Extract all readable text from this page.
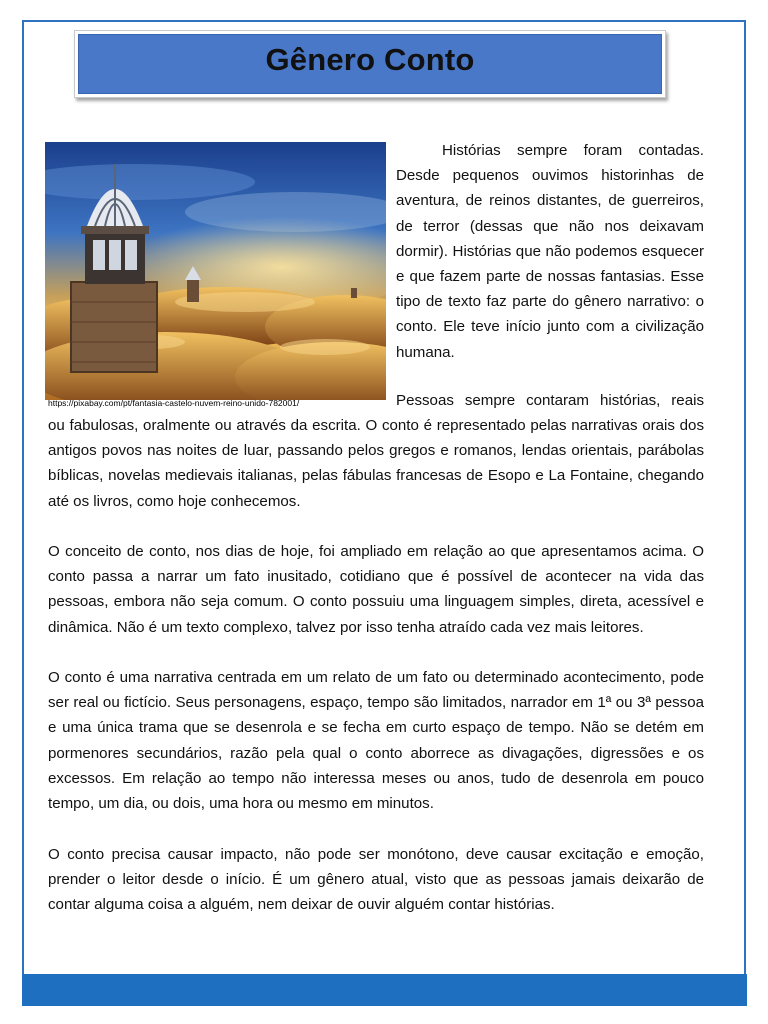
Gênero Conto
https://pixabay.com/pt/fantasia-castelo-nuvem-reino-unido-782001/

Histórias sempre foram contadas. Desde pequenos ouvimos historinhas de aventura, de reinos distantes, de guerreiros, de terror (dessas que não nos deixavam dormir). Histórias que não podemos esquecer e que fazem parte de nossas fantasias. Esse tipo de texto faz parte do gênero narrativo: o conto. Ele teve início junto com a civilização humana.

Pessoas sempre contaram histórias, reais

ou fabulosas, oralmente ou através da escrita. O conto é representado pelas narrativas orais dos antigos povos nas noites de luar, passando pelos gregos e romanos, lendas orientais, parábolas bíblicas, novelas medievais italianas, pelas fábulas francesas de Esopo e La Fontaine, chegando até os livros, como hoje conhecemos.

O conceito de conto, nos dias de hoje, foi ampliado em relação ao que apresentamos acima. O conto passa a narrar um fato inusitado, cotidiano que é possível de acontecer na vida das pessoas, embora não seja comum. O conto possuiu uma linguagem simples, direta, acessível e dinâmica. Não é um texto complexo, talvez por isso tenha atraído cada vez mais leitores.

O conto é uma narrativa centrada em um relato de um fato ou determinado acontecimento, pode ser real ou fictício. Seus personagens, espaço, tempo são limitados, narrador em 1ª ou 3ª pessoa e uma única trama que se desenrola e se fecha em curto espaço de tempo. Não se detém em pormenores secundários, razão pela qual o conto aborrece as divagações, digressões e os excessos. Em relação ao tempo não interessa meses ou anos, tudo de desenrola em pouco tempo, um dia, ou dois, uma hora ou mesmo em minutos.

O conto precisa causar impacto, não pode ser monótono, deve causar excitação e emoção, prender o leitor desde o início. É um gênero atual, visto que as pessoas jamais deixarão de contar alguma coisa a alguém, nem deixar de ouvir alguém contar histórias.
